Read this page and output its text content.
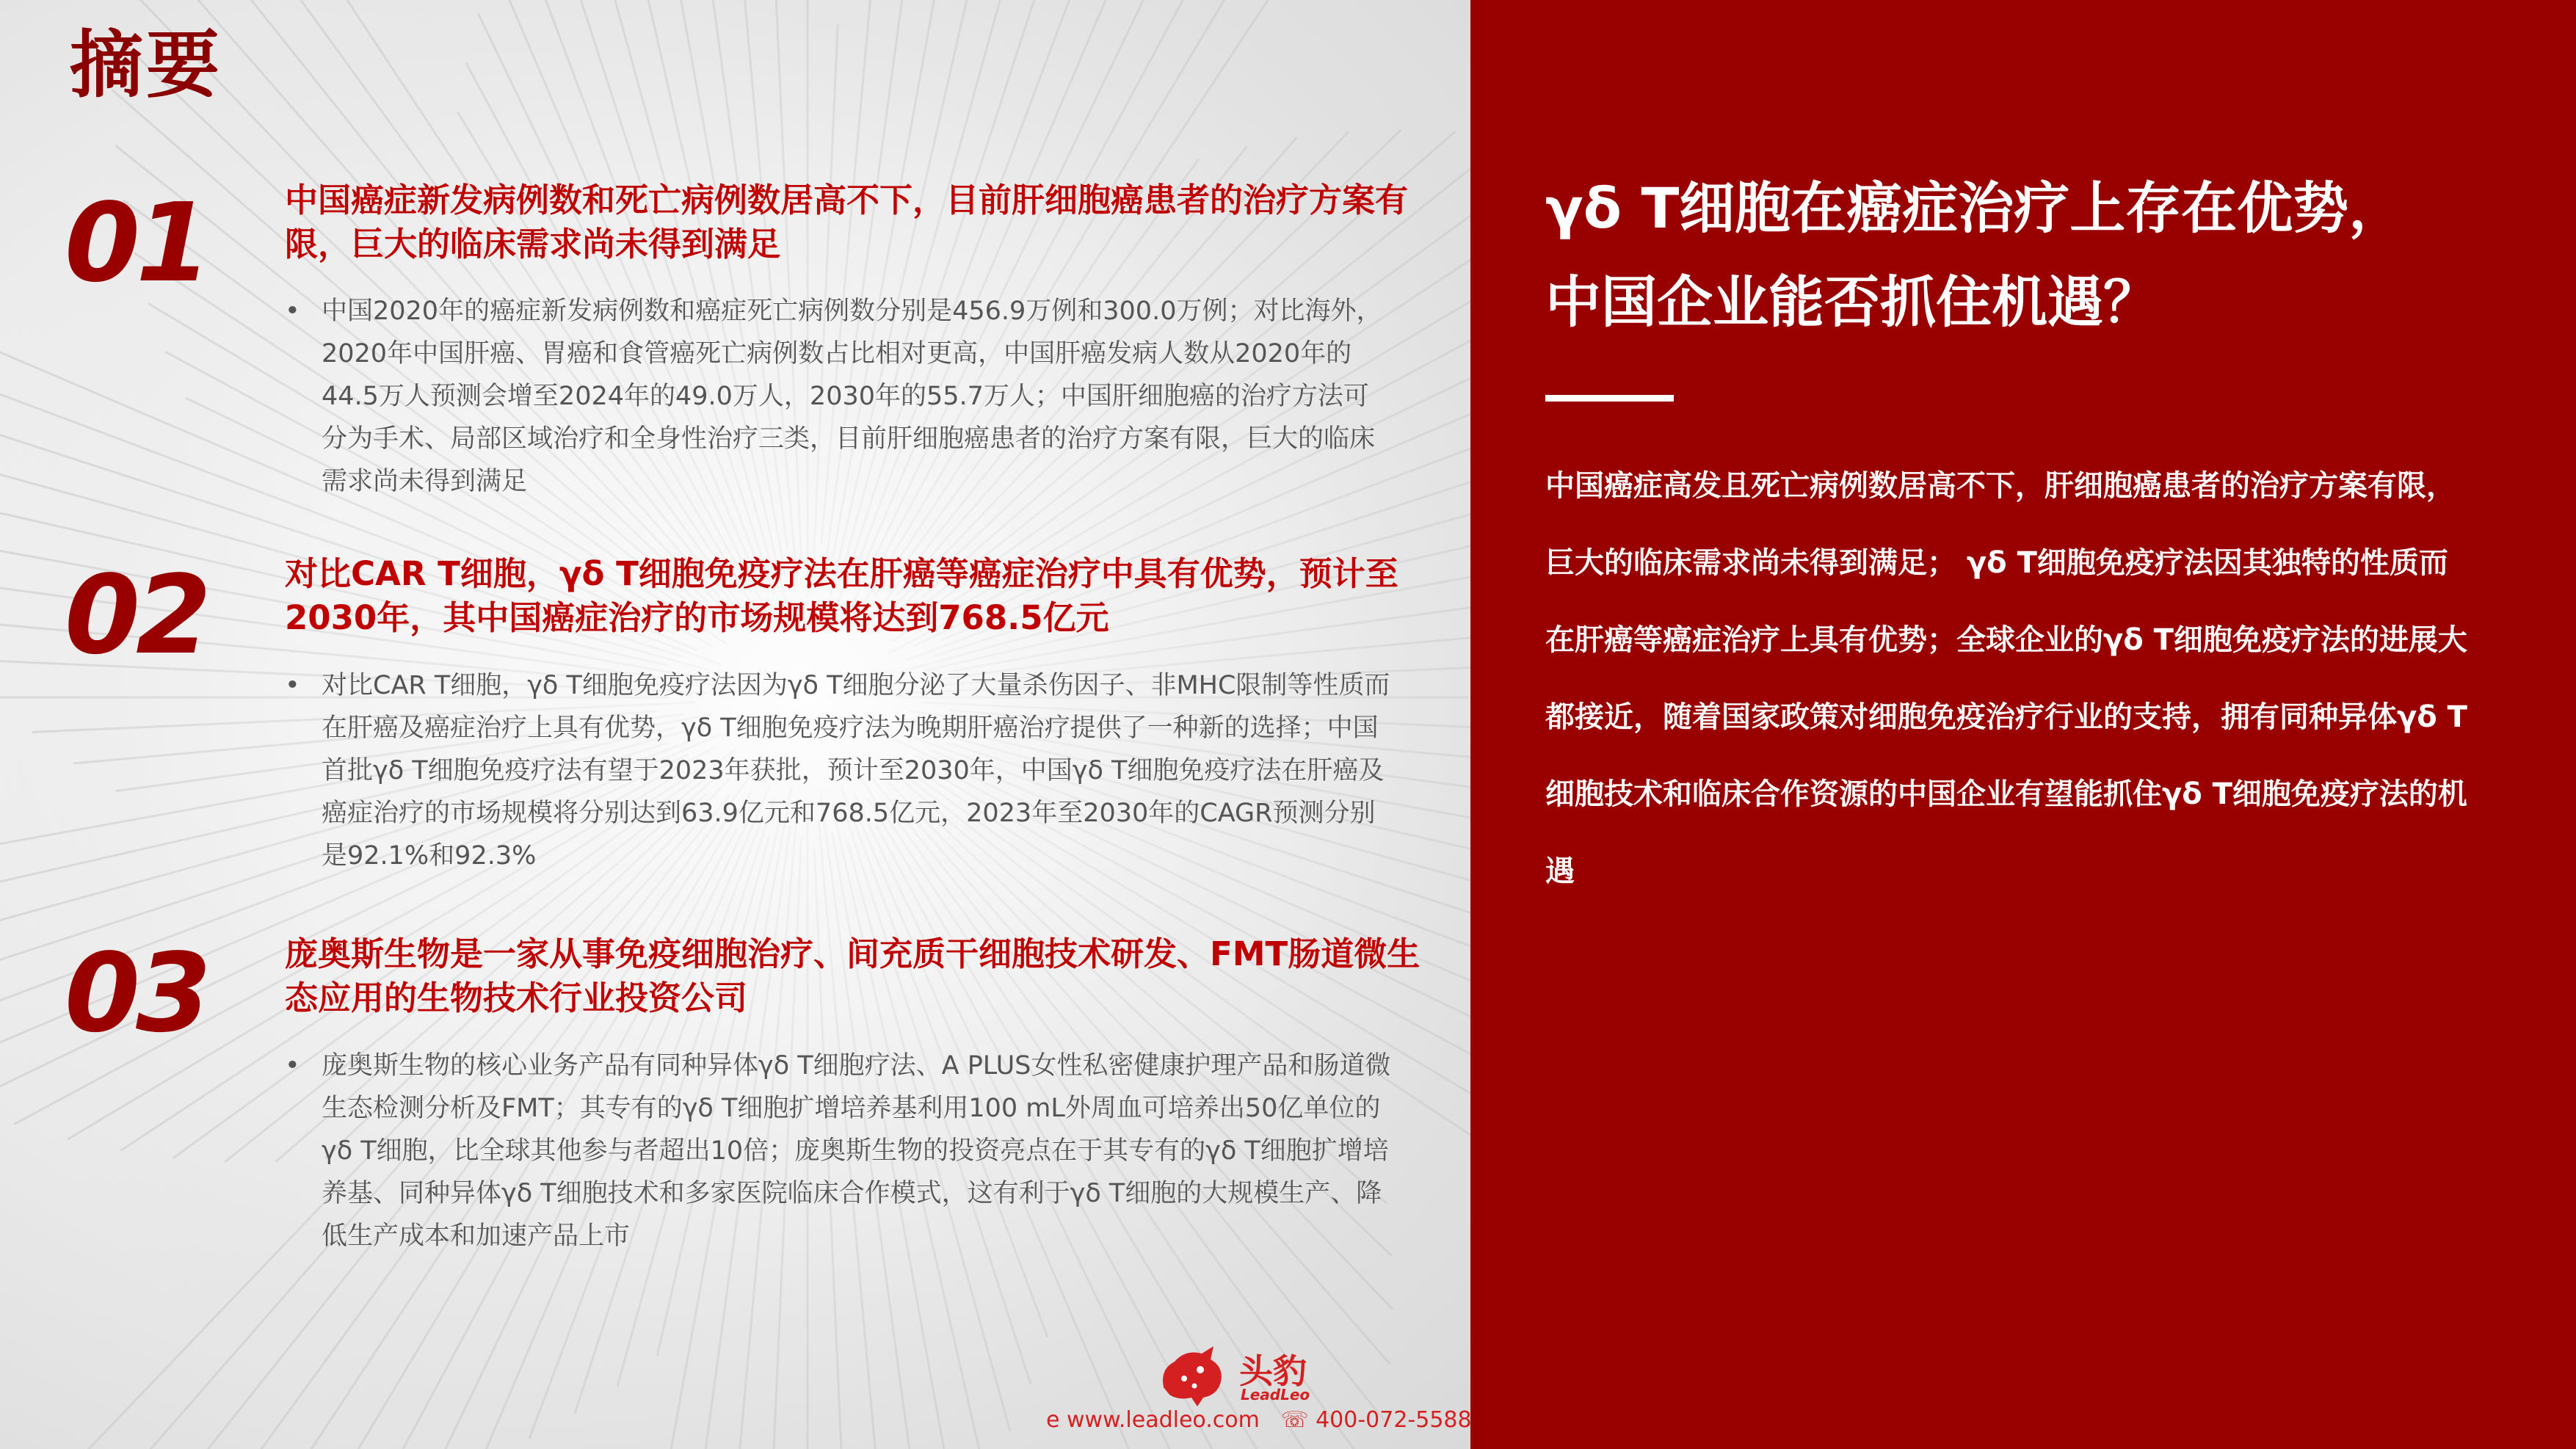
摘要
01 中国癌症新发病例数和死亡病例数居高不下，目前肝细胞癌患者的治疗方案有限，巨大的临床需求尚未得到满足
• 中国2020年的癌症新发病例数和癌症死亡病例数分别是456.9万例和300.0万例；对比海外，2020年中国肝癌、胃癌和食管癌死亡病例数占比相对更高，中国肝癌发病人数从2020年的44.5万人预测会增至2024年的49.0万人，2030年的55.7万人；中国肝细胞癌的治疗方法可分为手术、局部区域治疗和全身性治疗三类，目前肝细胞癌患者的治疗方案有限，巨大的临床需求尚未得到满足
02 对比CAR T细胞，γδ T细胞免疫疗法在肝癌等癌症治疗中具有优势，预计至2030年，其中国癌症治疗的市场规模将达到768.5亿元
• 对比CAR T细胞，γδ T细胞免疫疗法因为γδ T细胞分泌了大量杀伤因子、非MHC限制等性质而在肝癌及癌症治疗上具有优势，γδ T细胞免疫疗法为晚期肝癌治疗提供了一种新的选择；中国首批γδ T细胞免疫疗法有望于2023年获批，预计至2030年，中国γδ T细胞免疫疗法在肝癌及癌症治疗的市场规模将分别达到63.9亿元和768.5亿元，2023年至2030年的CAGR预测分别是92.1%和92.3%
03 庞奥斯生物是一家从事免疫细胞治疗、间充质干细胞技术研发、FMT肠道微生态应用的生物技术行业投资公司
• 庞奥斯生物的核心业务产品有同种异体γδ T细胞疗法、A PLUS女性私密健康护理产品和肠道微生态检测分析及FMT；其专有的γδ T细胞扩增培养基利用100 mL外周血可培养出50亿单位的γδ T细胞，比全球其他参与者超出10倍；庞奥斯生物的投资亮点在于其专有的γδ T细胞扩增培养基、同种异体γδ T细胞技术和多家医院临床合作模式，这有利于γδ T细胞的大规模生产、降低生产成本和加速产品上市
头豹
LeadLeo
e www.leadleo.com ☏ 400-072-5588
γδ T细胞在癌症治疗上存在优势，中国企业能否抓住机遇？

中国癌症高发且死亡病例数居高不下，肝细胞癌患者的治疗方案有限，巨大的临床需求尚未得到满足； γδ T细胞免疫疗法因其独特的性质而在肝癌等癌症治疗上具有优势；全球企业的γδ T细胞免疫疗法的进展大都接近，随着国家政策对细胞免疫治疗行业的支持，拥有同种异体γδ T细胞技术和临床合作资源的中国企业有望能抓住γδ T细胞免疫疗法的机遇
